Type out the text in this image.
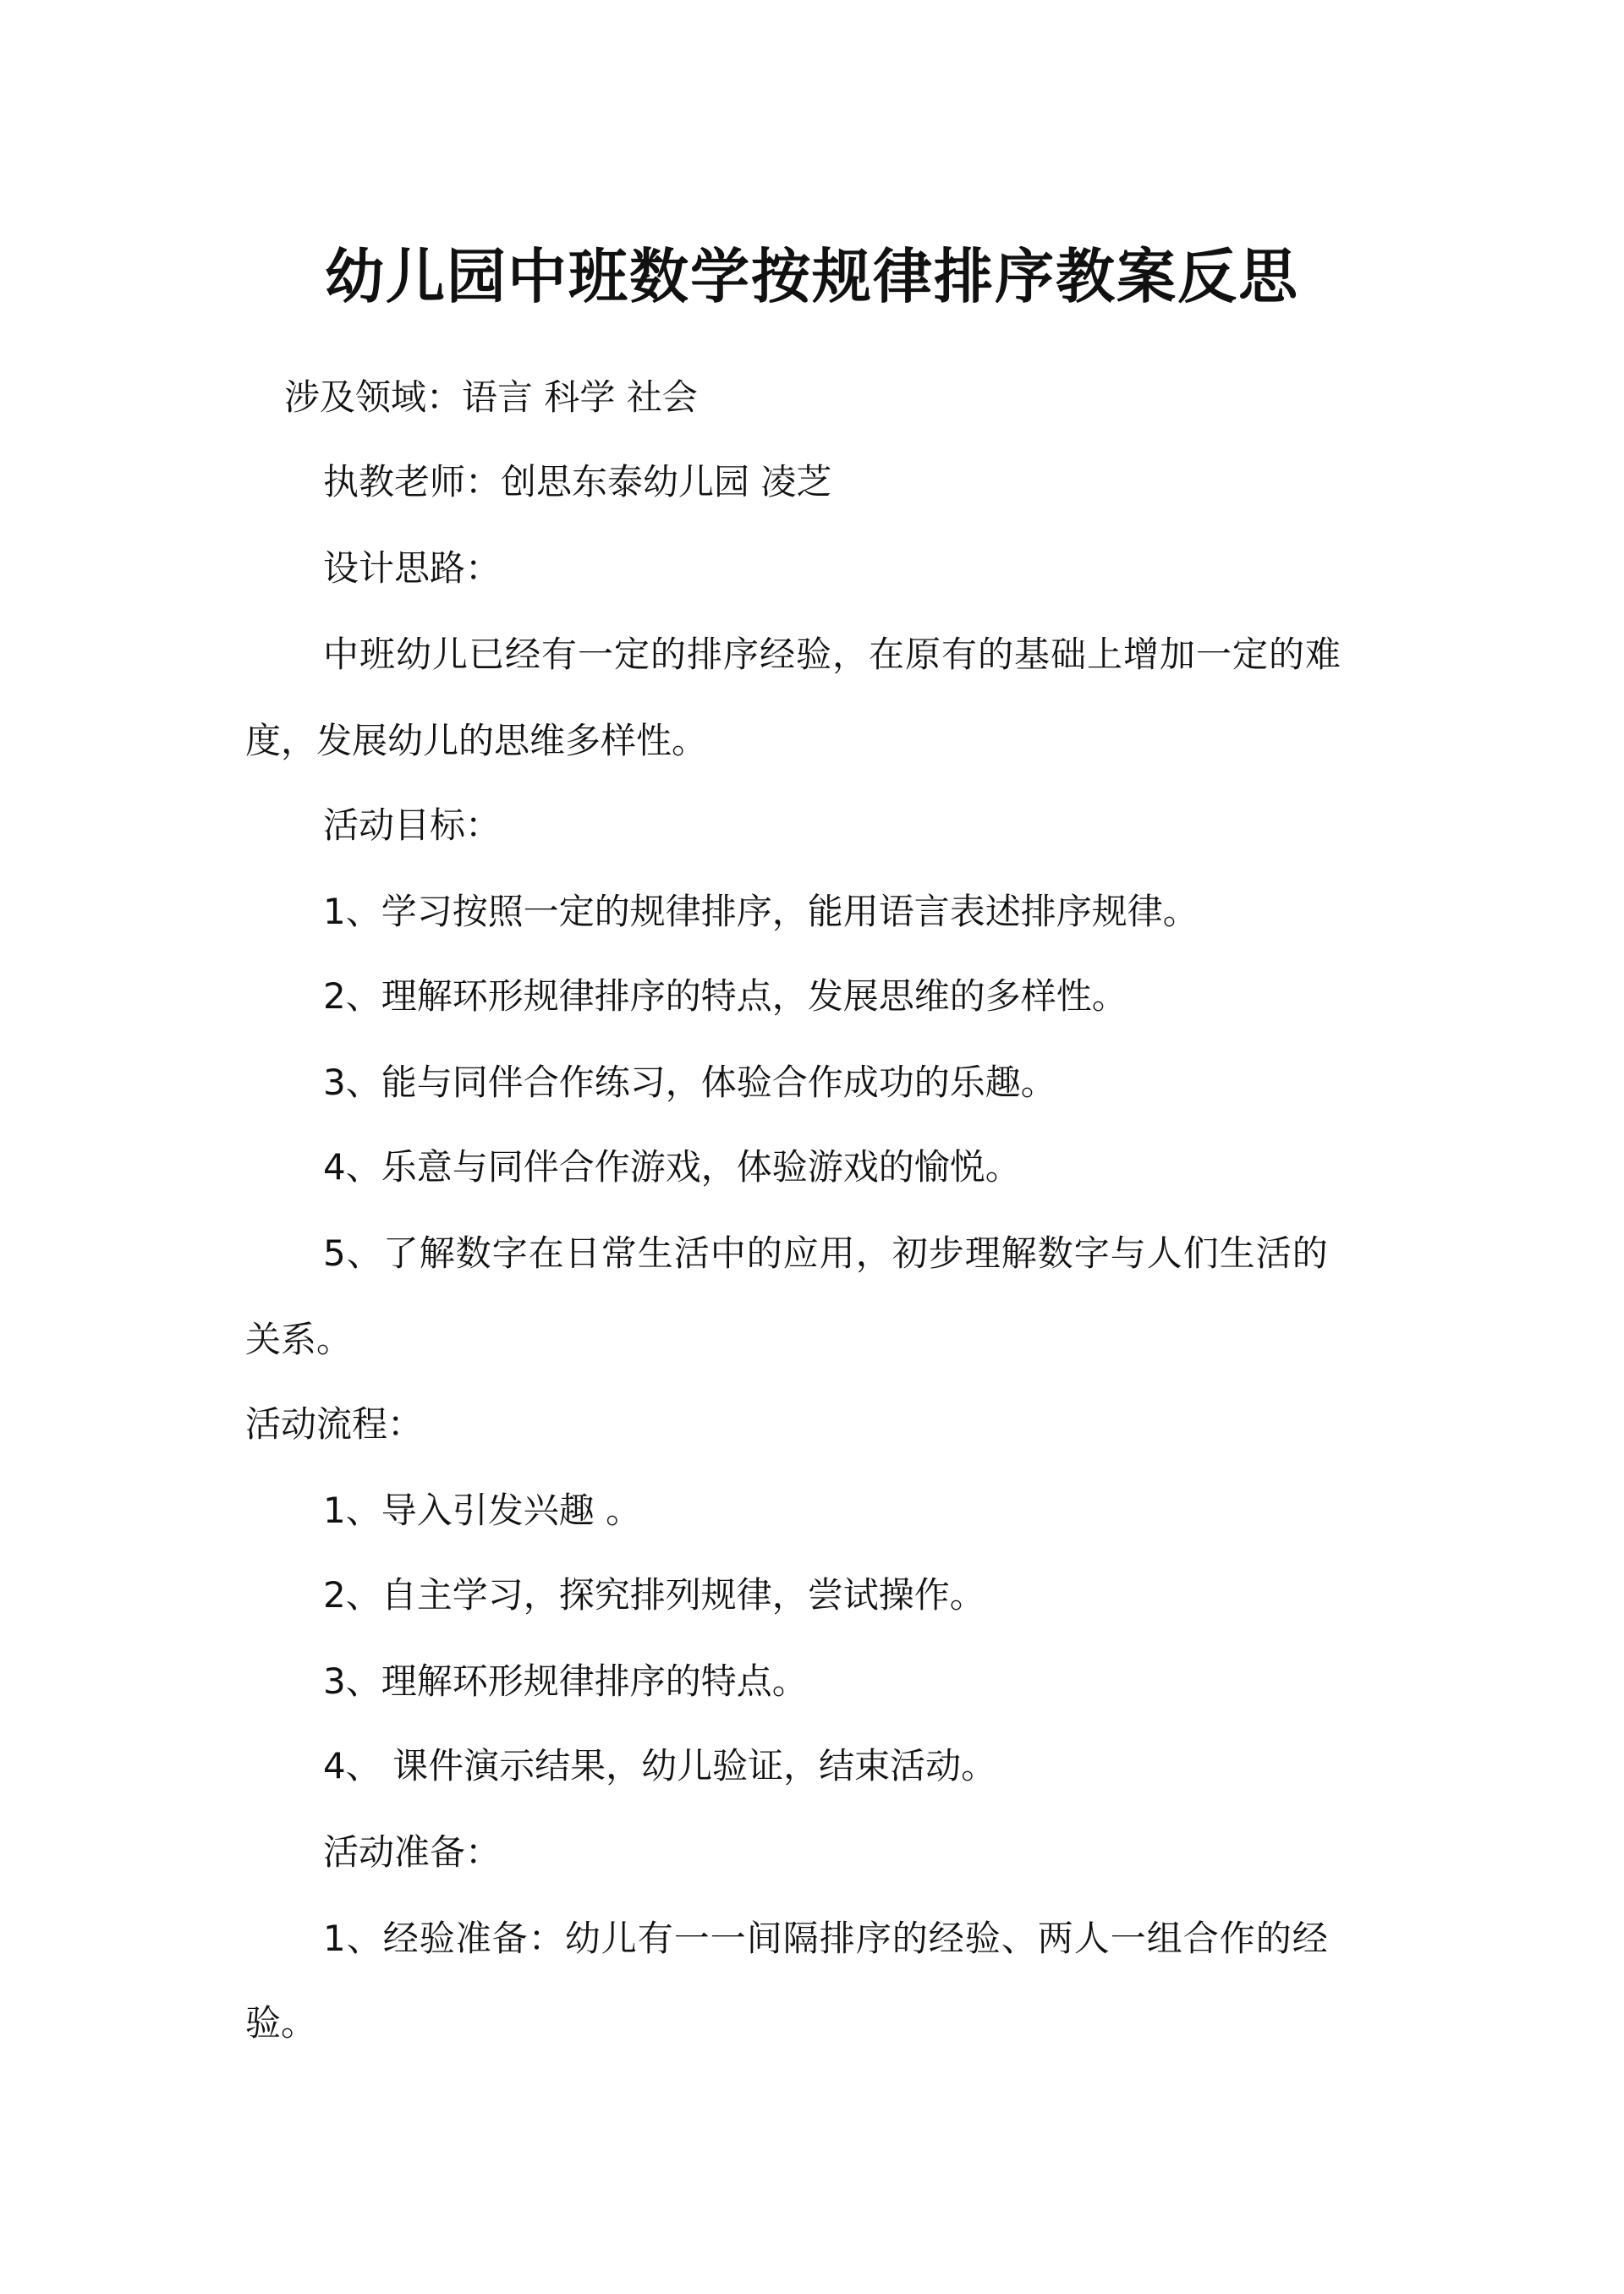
幼儿园中班数学按规律排序教案反思

涉及领域：语言 科学 社会

执教老师：创思东泰幼儿园 凌芝

设计思路：

中班幼儿已经有一定的排序经验，在原有的基础上增加一定的难

度，发展幼儿的思维多样性。

活动目标：

1、学习按照一定的规律排序，能用语言表述排序规律。

2、理解环形规律排序的特点，发展思维的多样性。

3、能与同伴合作练习，体验合作成功的乐趣。

4、乐意与同伴合作游戏，体验游戏的愉悦。

5、了解数字在日常生活中的应用，初步理解数字与人们生活的

关系。

活动流程：

1、导入引发兴趣 。

2、自主学习，探究排列规律，尝试操作。

3、理解环形规律排序的特点。

4、 课件演示结果，幼儿验证，结束活动。

活动准备：

1、经验准备：幼儿有一一间隔排序的经验、两人一组合作的经

验。
